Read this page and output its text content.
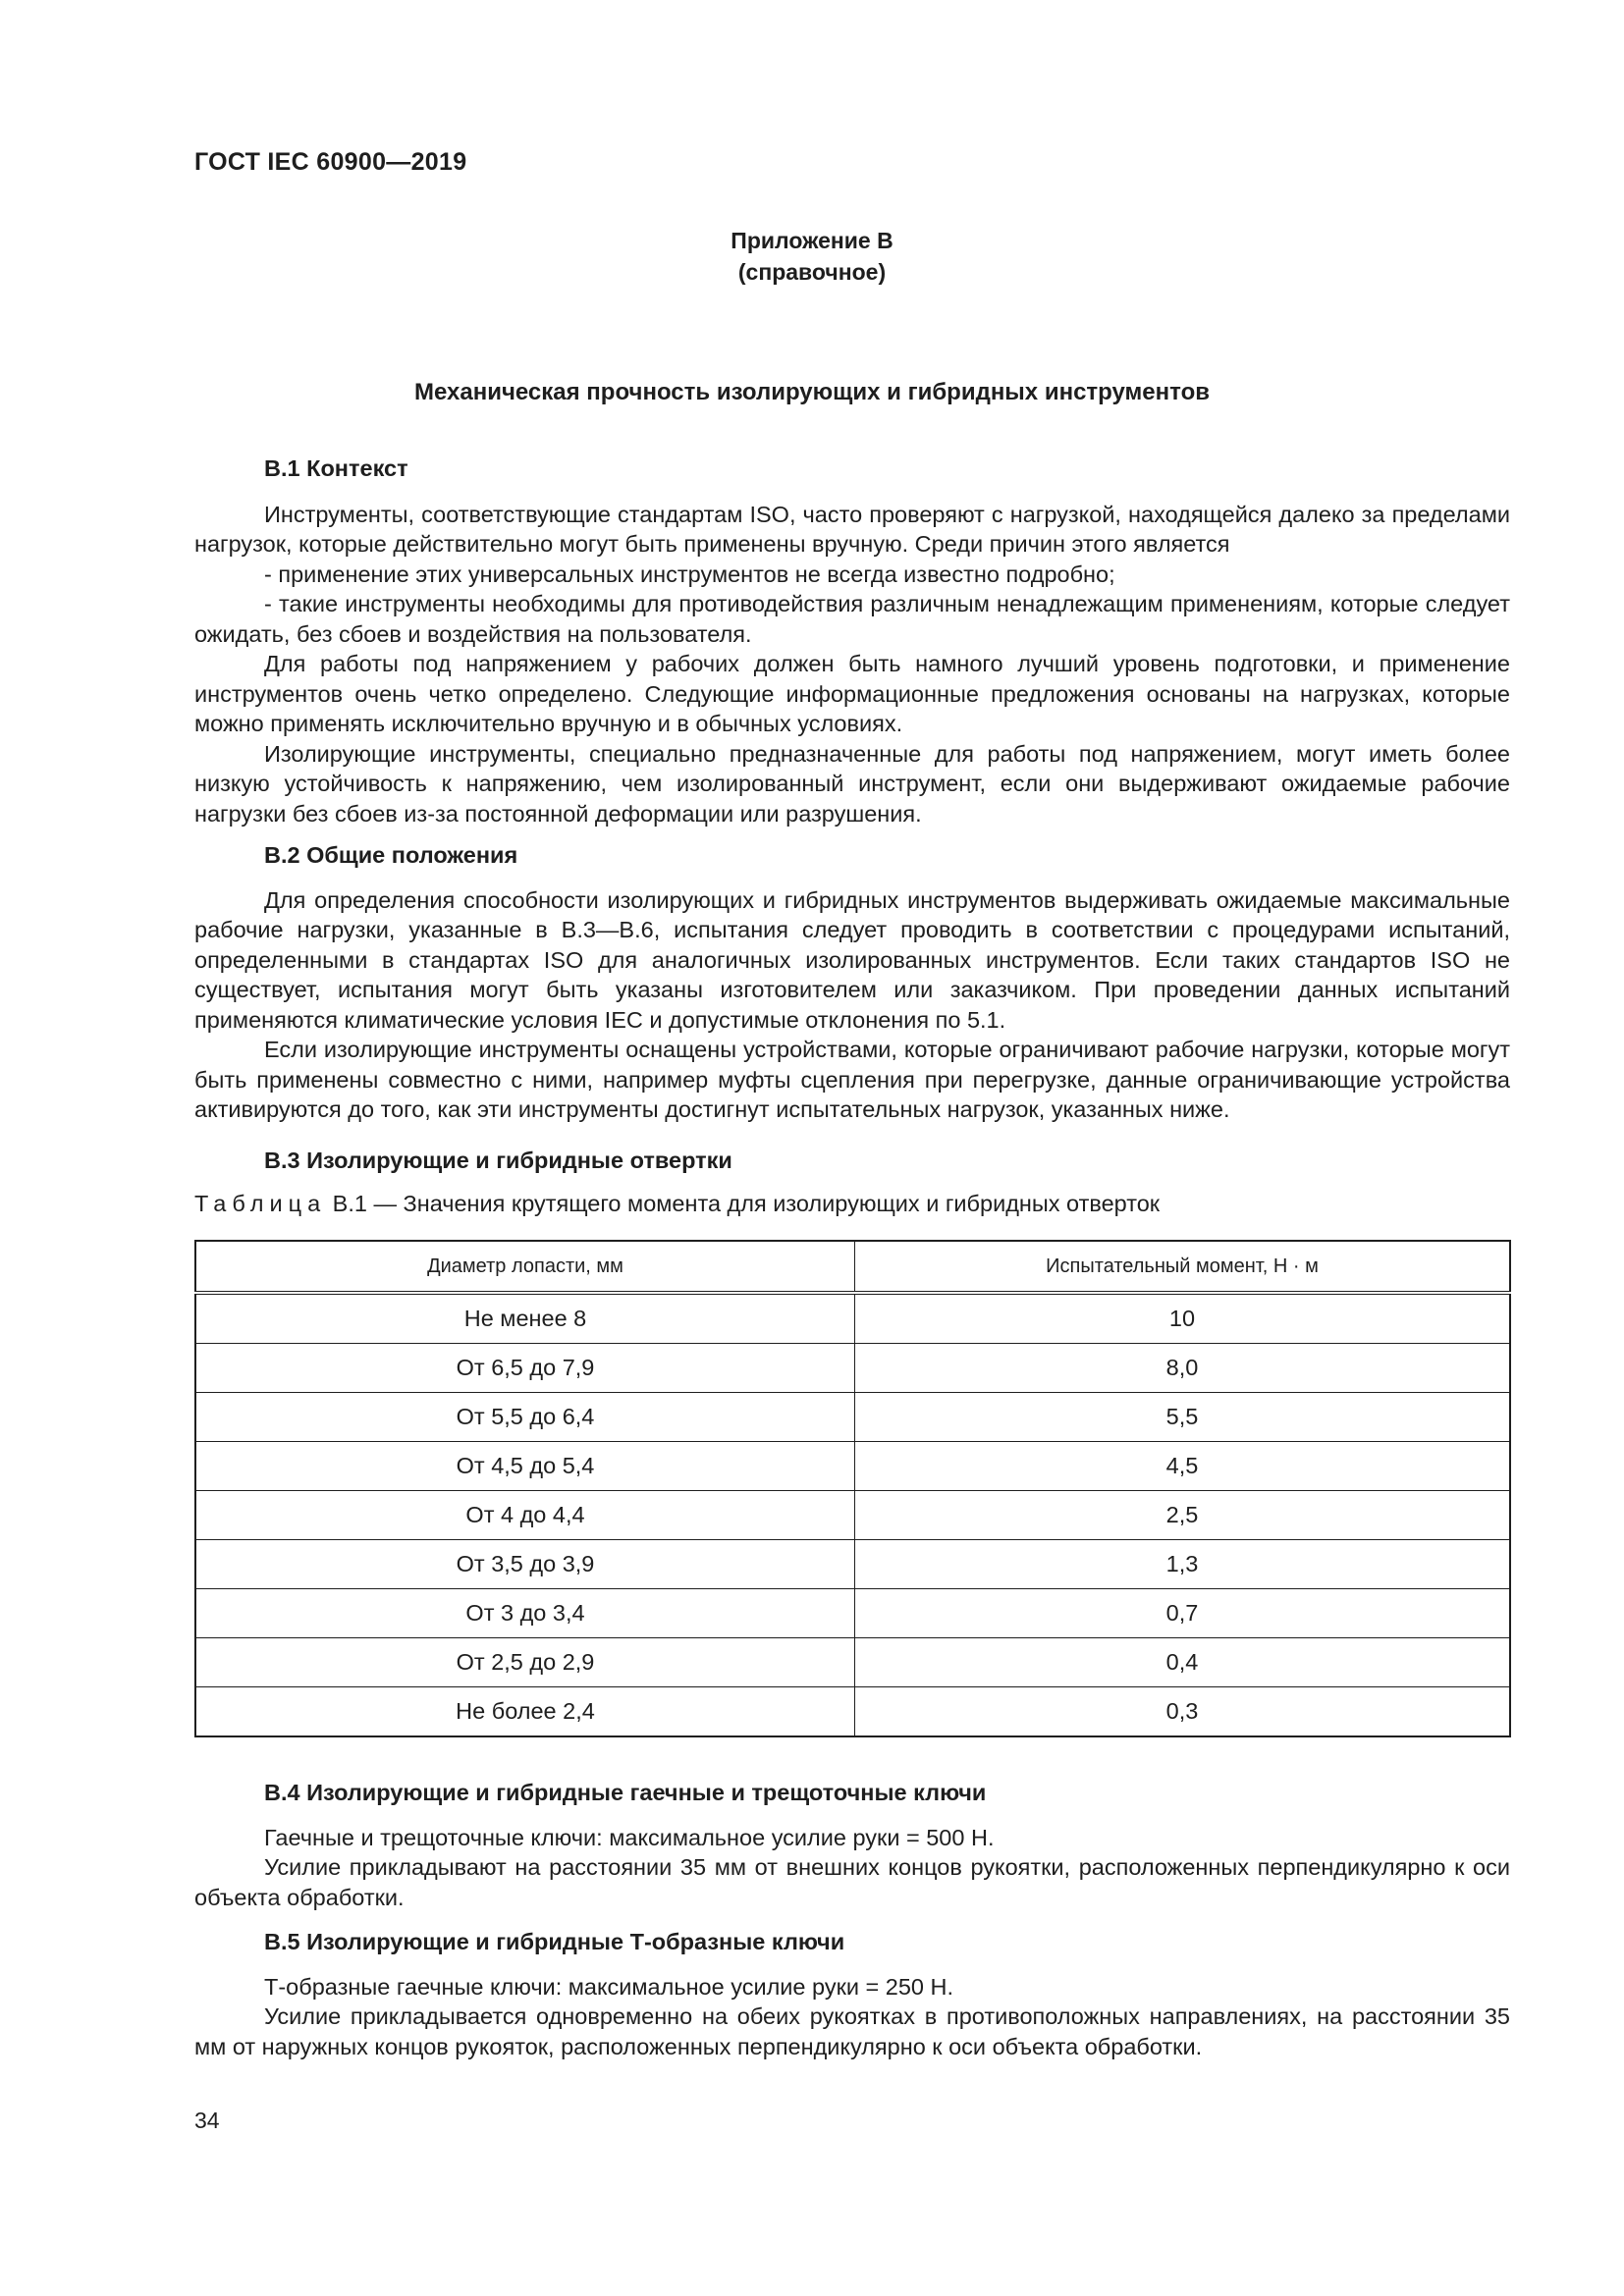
ГОСТ IEC 60900—2019
Приложение В
(справочное)
Механическая прочность изолирующих и гибридных инструментов
В.1 Контекст

Инструменты, соответствующие стандартам ISO, часто проверяют с нагрузкой, находящейся далеко за пределами нагрузок, которые действительно могут быть применены вручную. Среди причин этого является

- применение этих универсальных инструментов не всегда известно подробно;

- такие инструменты необходимы для противодействия различным ненадлежащим применениям, которые следует ожидать, без сбоев и воздействия на пользователя.

Для работы под напряжением у рабочих должен быть намного лучший уровень подготовки, и применение инструментов очень четко определено. Следующие информационные предложения основаны на нагрузках, которые можно применять исключительно вручную и в обычных условиях.

Изолирующие инструменты, специально предназначенные для работы под напряжением, могут иметь более низкую устойчивость к напряжению, чем изолированный инструмент, если они выдерживают ожидаемые рабочие нагрузки без сбоев из-за постоянной деформации или разрушения.

В.2 Общие положения

Для определения способности изолирующих и гибридных инструментов выдерживать ожидаемые максимальные рабочие нагрузки, указанные в В.3—В.6, испытания следует проводить в соответствии с процедурами испытаний, определенными в стандартах ISO для аналогичных изолированных инструментов. Если таких стандартов ISO не существует, испытания могут быть указаны изготовителем или заказчиком. При проведении данных испытаний применяются климатические условия IEC и допустимые отклонения по 5.1.

Если изолирующие инструменты оснащены устройствами, которые ограничивают рабочие нагрузки, которые могут быть применены совместно с ними, например муфты сцепления при перегрузке, данные ограничивающие устройства активируются до того, как эти инструменты достигнут испытательных нагрузок, указанных ниже.

В.3 Изолирующие и гибридные отвертки
Таблица В.1 — Значения крутящего момента для изолирующих и гибридных отверток
Диаметр лопасти, мм	Испытательный момент, Н · м
Не менее 8	10
От 6,5 до 7,9	8,0
От 5,5 до 6,4	5,5
От 4,5 до 5,4	4,5
От 4 до 4,4	2,5
От 3,5 до 3,9	1,3
От 3 до 3,4	0,7
От 2,5 до 2,9	0,4
Не более 2,4	0,3
В.4 Изолирующие и гибридные гаечные и трещоточные ключи

Гаечные и трещоточные ключи: максимальное усилие руки = 500 Н.

Усилие прикладывают на расстоянии 35 мм от внешних концов рукоятки, расположенных перпендикулярно к оси объекта обработки.

В.5 Изолирующие и гибридные Т-образные ключи

Т-образные гаечные ключи: максимальное усилие руки = 250 Н.

Усилие прикладывается одновременно на обеих рукоятках в противоположных направлениях, на расстоянии 35 мм от наружных концов рукояток, расположенных перпендикулярно к оси объекта обработки.

34
